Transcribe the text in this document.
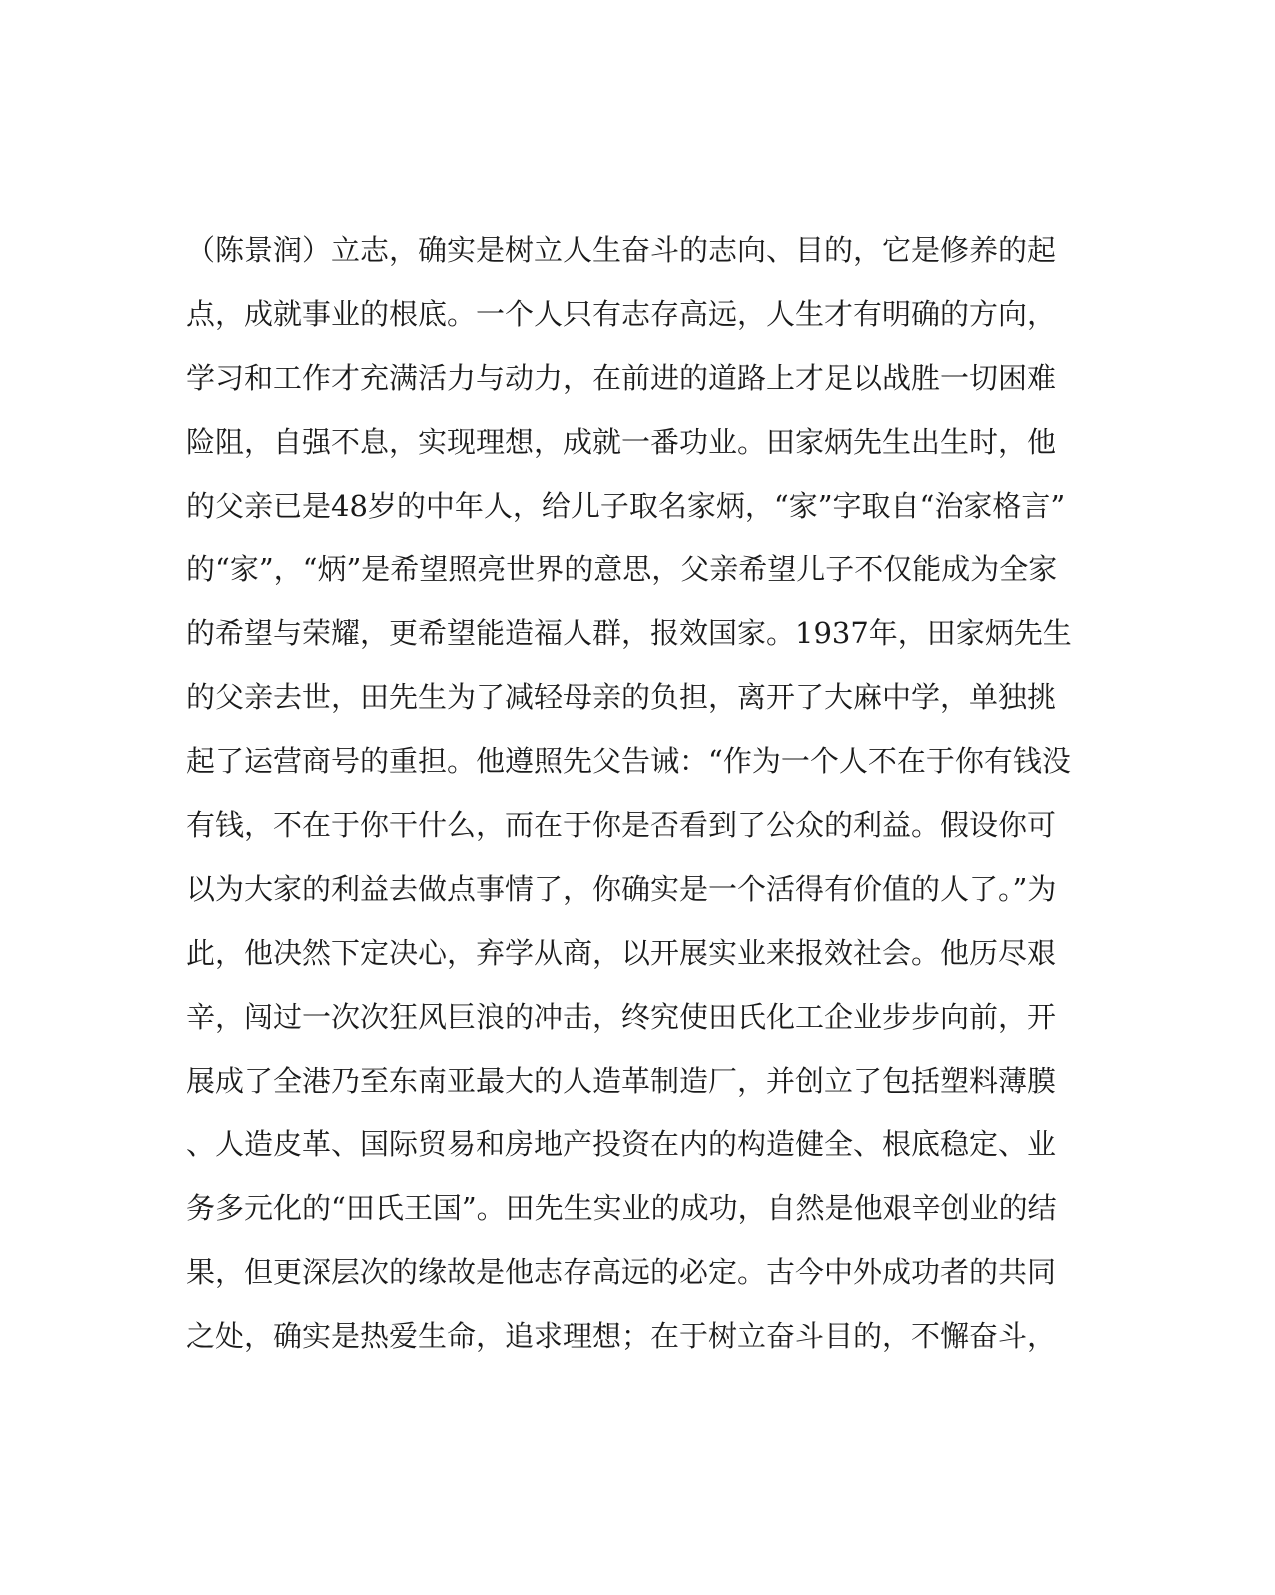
（陈景润）立志，确实是树立人生奋斗的志向、目的，它是修养的起
点，成就事业的根底。一个人只有志存高远，人生才有明确的方向，
学习和工作才充满活力与动力，在前进的道路上才足以战胜一切困难
险阻，自强不息，实现理想，成就一番功业。田家炳先生出生时，他
的父亲已是48岁的中年人，给儿子取名家炳，“家”字取自“治家格言”
的“家”，“炳”是希望照亮世界的意思，父亲希望儿子不仅能成为全家
的希望与荣耀，更希望能造福人群，报效国家。1937年，田家炳先生
的父亲去世，田先生为了减轻母亲的负担，离开了大麻中学，单独挑
起了运营商号的重担。他遵照先父告诫：“作为一个人不在于你有钱没
有钱，不在于你干什么，而在于你是否看到了公众的利益。假设你可
以为大家的利益去做点事情了，你确实是一个活得有价值的人了。”为
此，他决然下定决心，弃学从商，以开展实业来报效社会。他历尽艰
辛，闯过一次次狂风巨浪的冲击，终究使田氏化工企业步步向前，开
展成了全港乃至东南亚最大的人造革制造厂，并创立了包括塑料薄膜
、人造皮革、国际贸易和房地产投资在内的构造健全、根底稳定、业
务多元化的“田氏王国”。田先生实业的成功，自然是他艰辛创业的结
果，但更深层次的缘故是他志存高远的必定。古今中外成功者的共同
之处，确实是热爱生命，追求理想；在于树立奋斗目的，不懈奋斗，
